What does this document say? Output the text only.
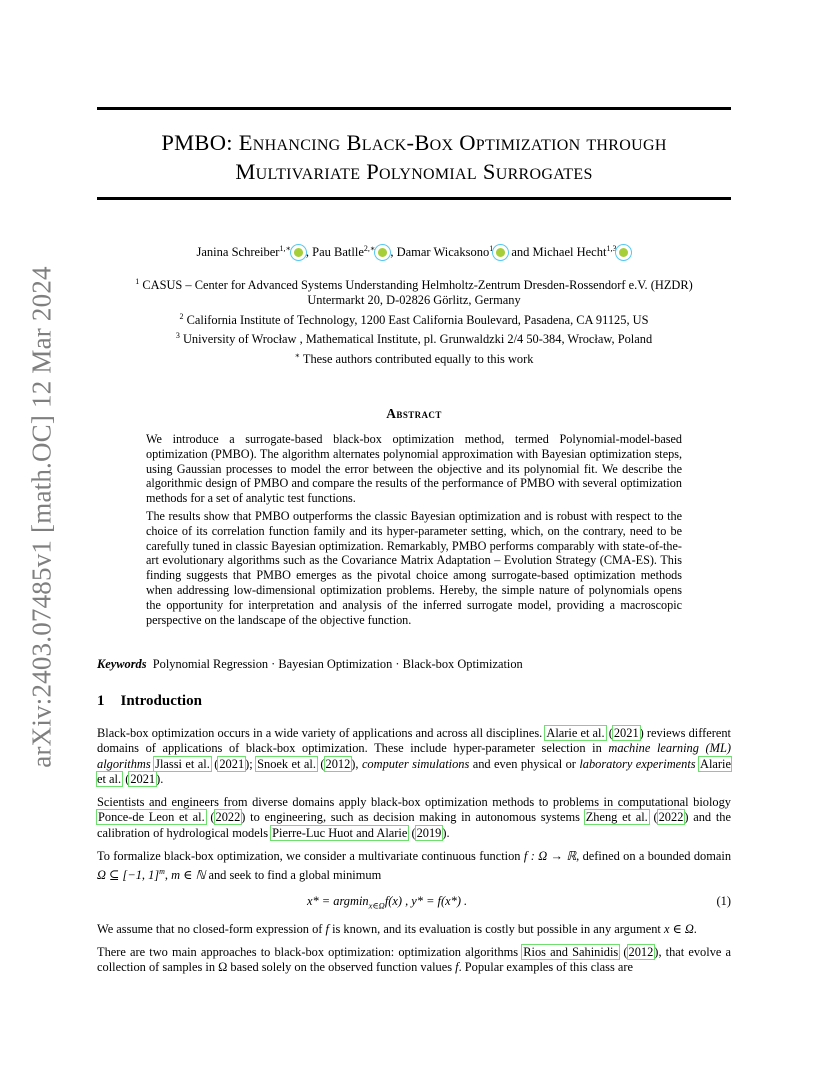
arXiv:2403.07485v1 [math.OC] 12 Mar 2024
PMBO: Enhancing Black-Box Optimization through
Multivariate Polynomial Surrogates
Janina Schreiber$^{1,∗}$ , Pau Batlle$^{2,∗}$ , Damar Wicaksono$^1$ and Michael Hecht$^{1,3}$
$^1$ CASUS – Center for Advanced Systems Understanding Helmholtz-Zentrum Dresden-Rossendorf e.V. (HZDR)
Untermarkt 20, D-02826 Görlitz, Germany
$^2$ California Institute of Technology, 1200 East California Boulevard, Pasadena, CA 91125, US
$^3$ University of Wrocław , Mathematical Institute, pl. Grunwaldzki 2/4 50-384, Wrocław, Poland
∗ These authors contributed equally to this work
Abstract

We introduce a surrogate-based black-box optimization method, termed Polynomial-model-based optimization (PMBO). The algorithm alternates polynomial approximation with Bayesian optimization steps, using Gaussian processes to model the error between the objective and its polynomial fit. We describe the algorithmic design of PMBO and compare the results of the performance of PMBO with several optimization methods for a set of analytic test functions.

The results show that PMBO outperforms the classic Bayesian optimization and is robust with respect to the choice of its correlation function family and its hyper-parameter setting, which, on the contrary, need to be carefully tuned in classic Bayesian optimization. Remarkably, PMBO performs comparably with state-of-the-art evolutionary algorithms such as the Covariance Matrix Adaptation – Evolution Strategy (CMA-ES). This finding suggests that PMBO emerges as the pivotal choice among surrogate-based optimization methods when addressing low-dimensional optimization problems. Hereby, the simple nature of polynomials opens the opportunity for interpretation and analysis of the inferred surrogate model, providing a macroscopic perspective on the landscape of the objective function.

Keywords Polynomial Regression · Bayesian Optimization · Black-box Optimization
1 Introduction

Black-box optimization occurs in a wide variety of applications and across all disciplines. Alarie et al. (2021) reviews different domains of applications of black-box optimization. These include hyper-parameter selection in machine learning (ML) algorithms Jlassi et al. (2021); Snoek et al. (2012), computer simulations and even physical or laboratory experiments Alarie et al. (2021).

Scientists and engineers from diverse domains apply black-box optimization methods to problems in computational biology Ponce-de Leon et al. (2022) to engineering, such as decision making in autonomous systems Zheng et al. (2022) and the calibration of hydrological models Pierre-Luc Huot and Alarie (2019).

To formalize black-box optimization, we consider a multivariate continuous function f : Ω → ℝ, defined on a bounded domain Ω ⊆ [−1, 1]$^m$, m ∈ ℕ and seek to find a global minimum

x* = argmin$_{x\in\Omega}$f(x) , y* = f(x*) .	(1)

We assume that no closed-form expression of f is known, and its evaluation is costly but possible in any argument x ∈ Ω.

There are two main approaches to black-box optimization: optimization algorithms Rios and Sahinidis (2012), that evolve a collection of samples in Ω based solely on the observed function values f. Popular examples of this class are
